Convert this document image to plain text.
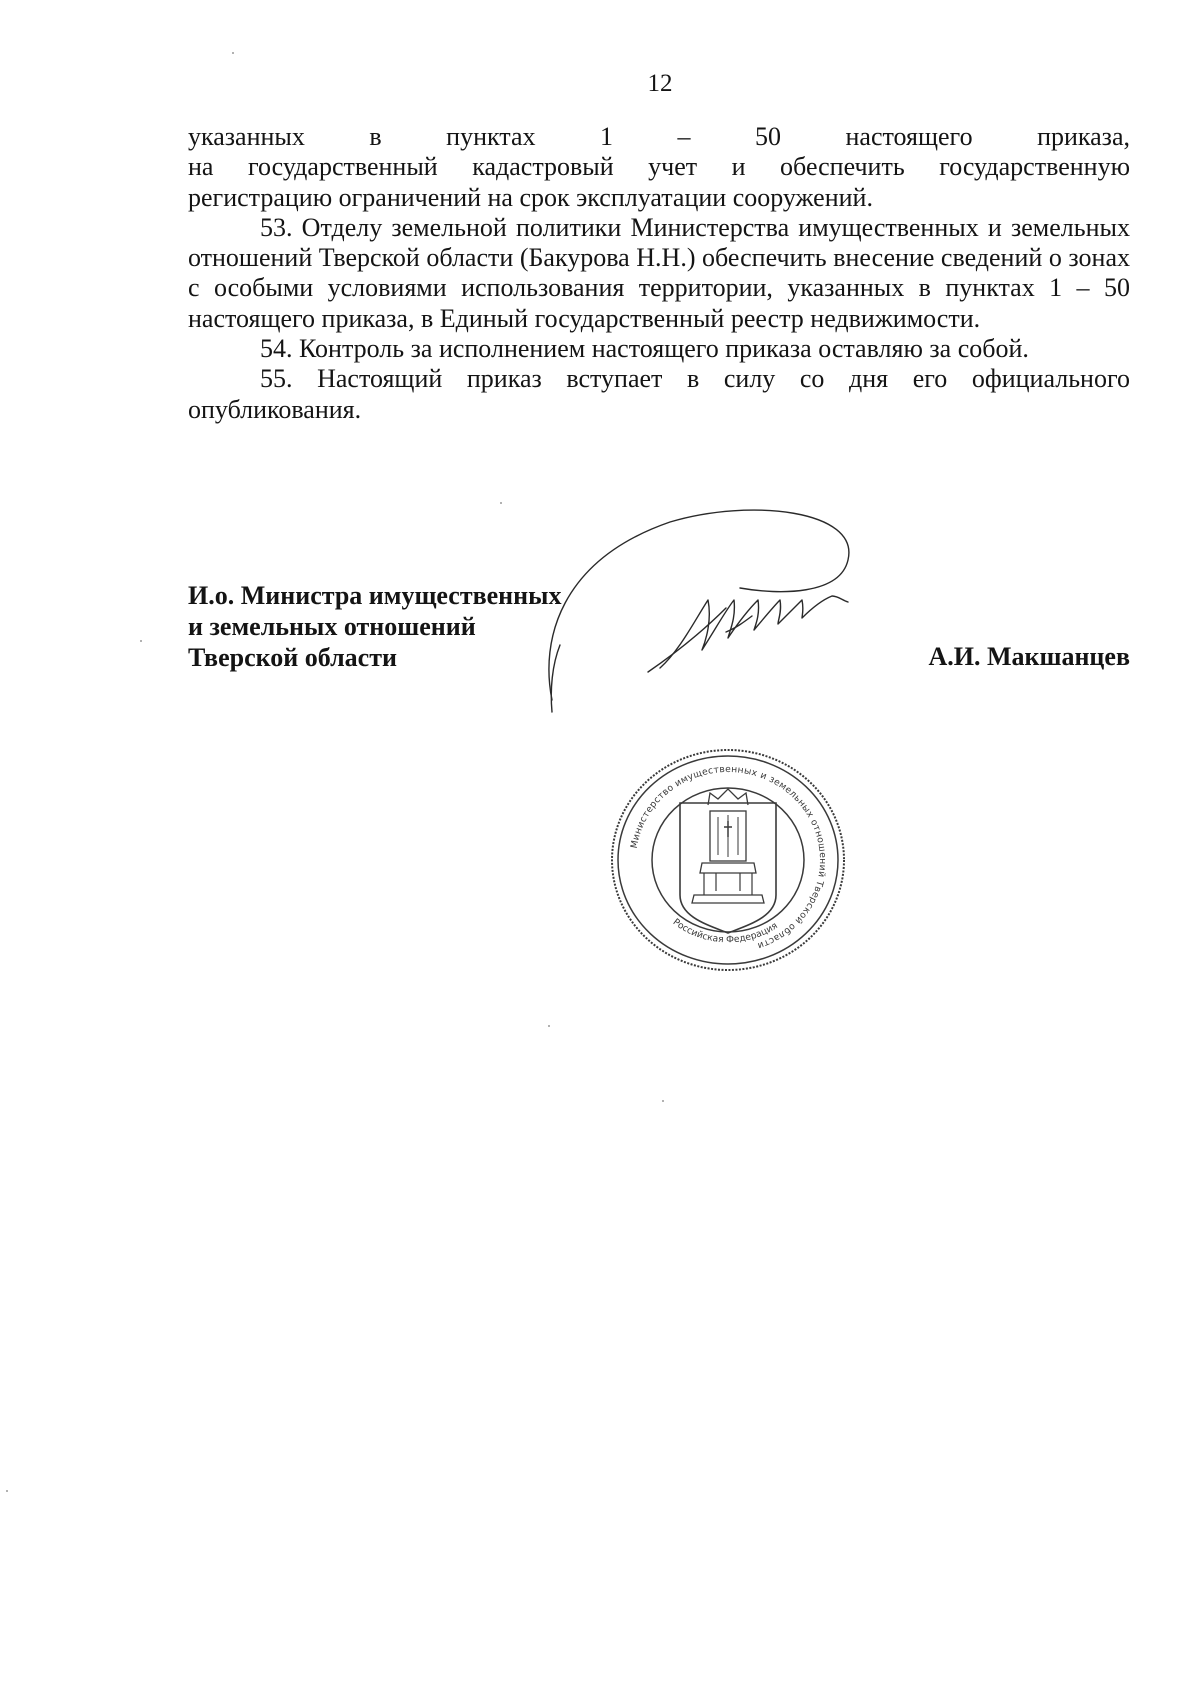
12

указанных в пунктах 1 – 50 настоящего приказа,

на государственный кадастровый учет и обеспечить государственную

регистрацию ограничений на срок эксплуатации сооружений.

53. Отделу земельной политики Министерства имущественных и земельных отношений Тверской области (Бакурова Н.Н.) обеспечить внесение сведений о зонах с особыми условиями использования территории, указанных в пунктах 1 – 50 настоящего приказа, в Единый государственный реестр недвижимости.

54. Контроль за исполнением настоящего приказа оставляю за собой.

55. Настоящий приказ вступает в силу со дня его официального опубликования.

И.о. Министра имущественных
и земельных отношений
Тверской области	А.И. Макшанцев
Министерство имущественных и земельных отношений Тверской области
Российская Федерация
